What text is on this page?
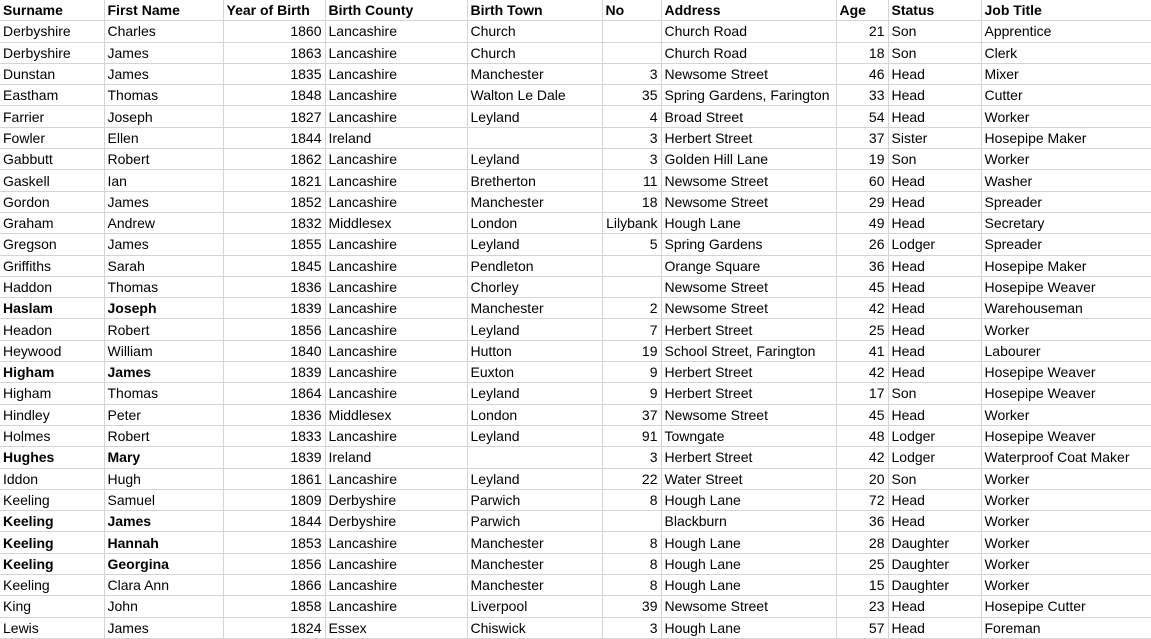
Surname	First Name	Year of Birth	Birth County	Birth Town	No	Address	Age	Status	Job Title
Derbyshire	Charles	1860	Lancashire	Church		Church Road	21	Son	Apprentice
Derbyshire	James	1863	Lancashire	Church		Church Road	18	Son	Clerk
Dunstan	James	1835	Lancashire	Manchester	3	Newsome Street	46	Head	Mixer
Eastham	Thomas	1848	Lancashire	Walton Le Dale	35	Spring Gardens, Farington	33	Head	Cutter
Farrier	Joseph	1827	Lancashire	Leyland	4	Broad Street	54	Head	Worker
Fowler	Ellen	1844	Ireland		3	Herbert Street	37	Sister	Hosepipe Maker
Gabbutt	Robert	1862	Lancashire	Leyland	3	Golden Hill Lane	19	Son	Worker
Gaskell	Ian	1821	Lancashire	Bretherton	11	Newsome Street	60	Head	Washer
Gordon	James	1852	Lancashire	Manchester	18	Newsome Street	29	Head	Spreader
Graham	Andrew	1832	Middlesex	London	Lilybank	Hough Lane	49	Head	Secretary
Gregson	James	1855	Lancashire	Leyland	5	Spring Gardens	26	Lodger	Spreader
Griffiths	Sarah	1845	Lancashire	Pendleton		Orange Square	36	Head	Hosepipe Maker
Haddon	Thomas	1836	Lancashire	Chorley		Newsome Street	45	Head	Hosepipe Weaver
Haslam	Joseph	1839	Lancashire	Manchester	2	Newsome Street	42	Head	Warehouseman
Headon	Robert	1856	Lancashire	Leyland	7	Herbert Street	25	Head	Worker
Heywood	William	1840	Lancashire	Hutton	19	School Street, Farington	41	Head	Labourer
Higham	James	1839	Lancashire	Euxton	9	Herbert Street	42	Head	Hosepipe Weaver
Higham	Thomas	1864	Lancashire	Leyland	9	Herbert Street	17	Son	Hosepipe Weaver
Hindley	Peter	1836	Middlesex	London	37	Newsome Street	45	Head	Worker
Holmes	Robert	1833	Lancashire	Leyland	91	Towngate	48	Lodger	Hosepipe Weaver
Hughes	Mary	1839	Ireland		3	Herbert Street	42	Lodger	Waterproof Coat Maker
Iddon	Hugh	1861	Lancashire	Leyland	22	Water Street	20	Son	Worker
Keeling	Samuel	1809	Derbyshire	Parwich	8	Hough Lane	72	Head	Worker
Keeling	James	1844	Derbyshire	Parwich		Blackburn	36	Head	Worker
Keeling	Hannah	1853	Lancashire	Manchester	8	Hough Lane	28	Daughter	Worker
Keeling	Georgina	1856	Lancashire	Manchester	8	Hough Lane	25	Daughter	Worker
Keeling	Clara Ann	1866	Lancashire	Manchester	8	Hough Lane	15	Daughter	Worker
King	John	1858	Lancashire	Liverpool	39	Newsome Street	23	Head	Hosepipe Cutter
Lewis	James	1824	Essex	Chiswick	3	Hough Lane	57	Head	Foreman
